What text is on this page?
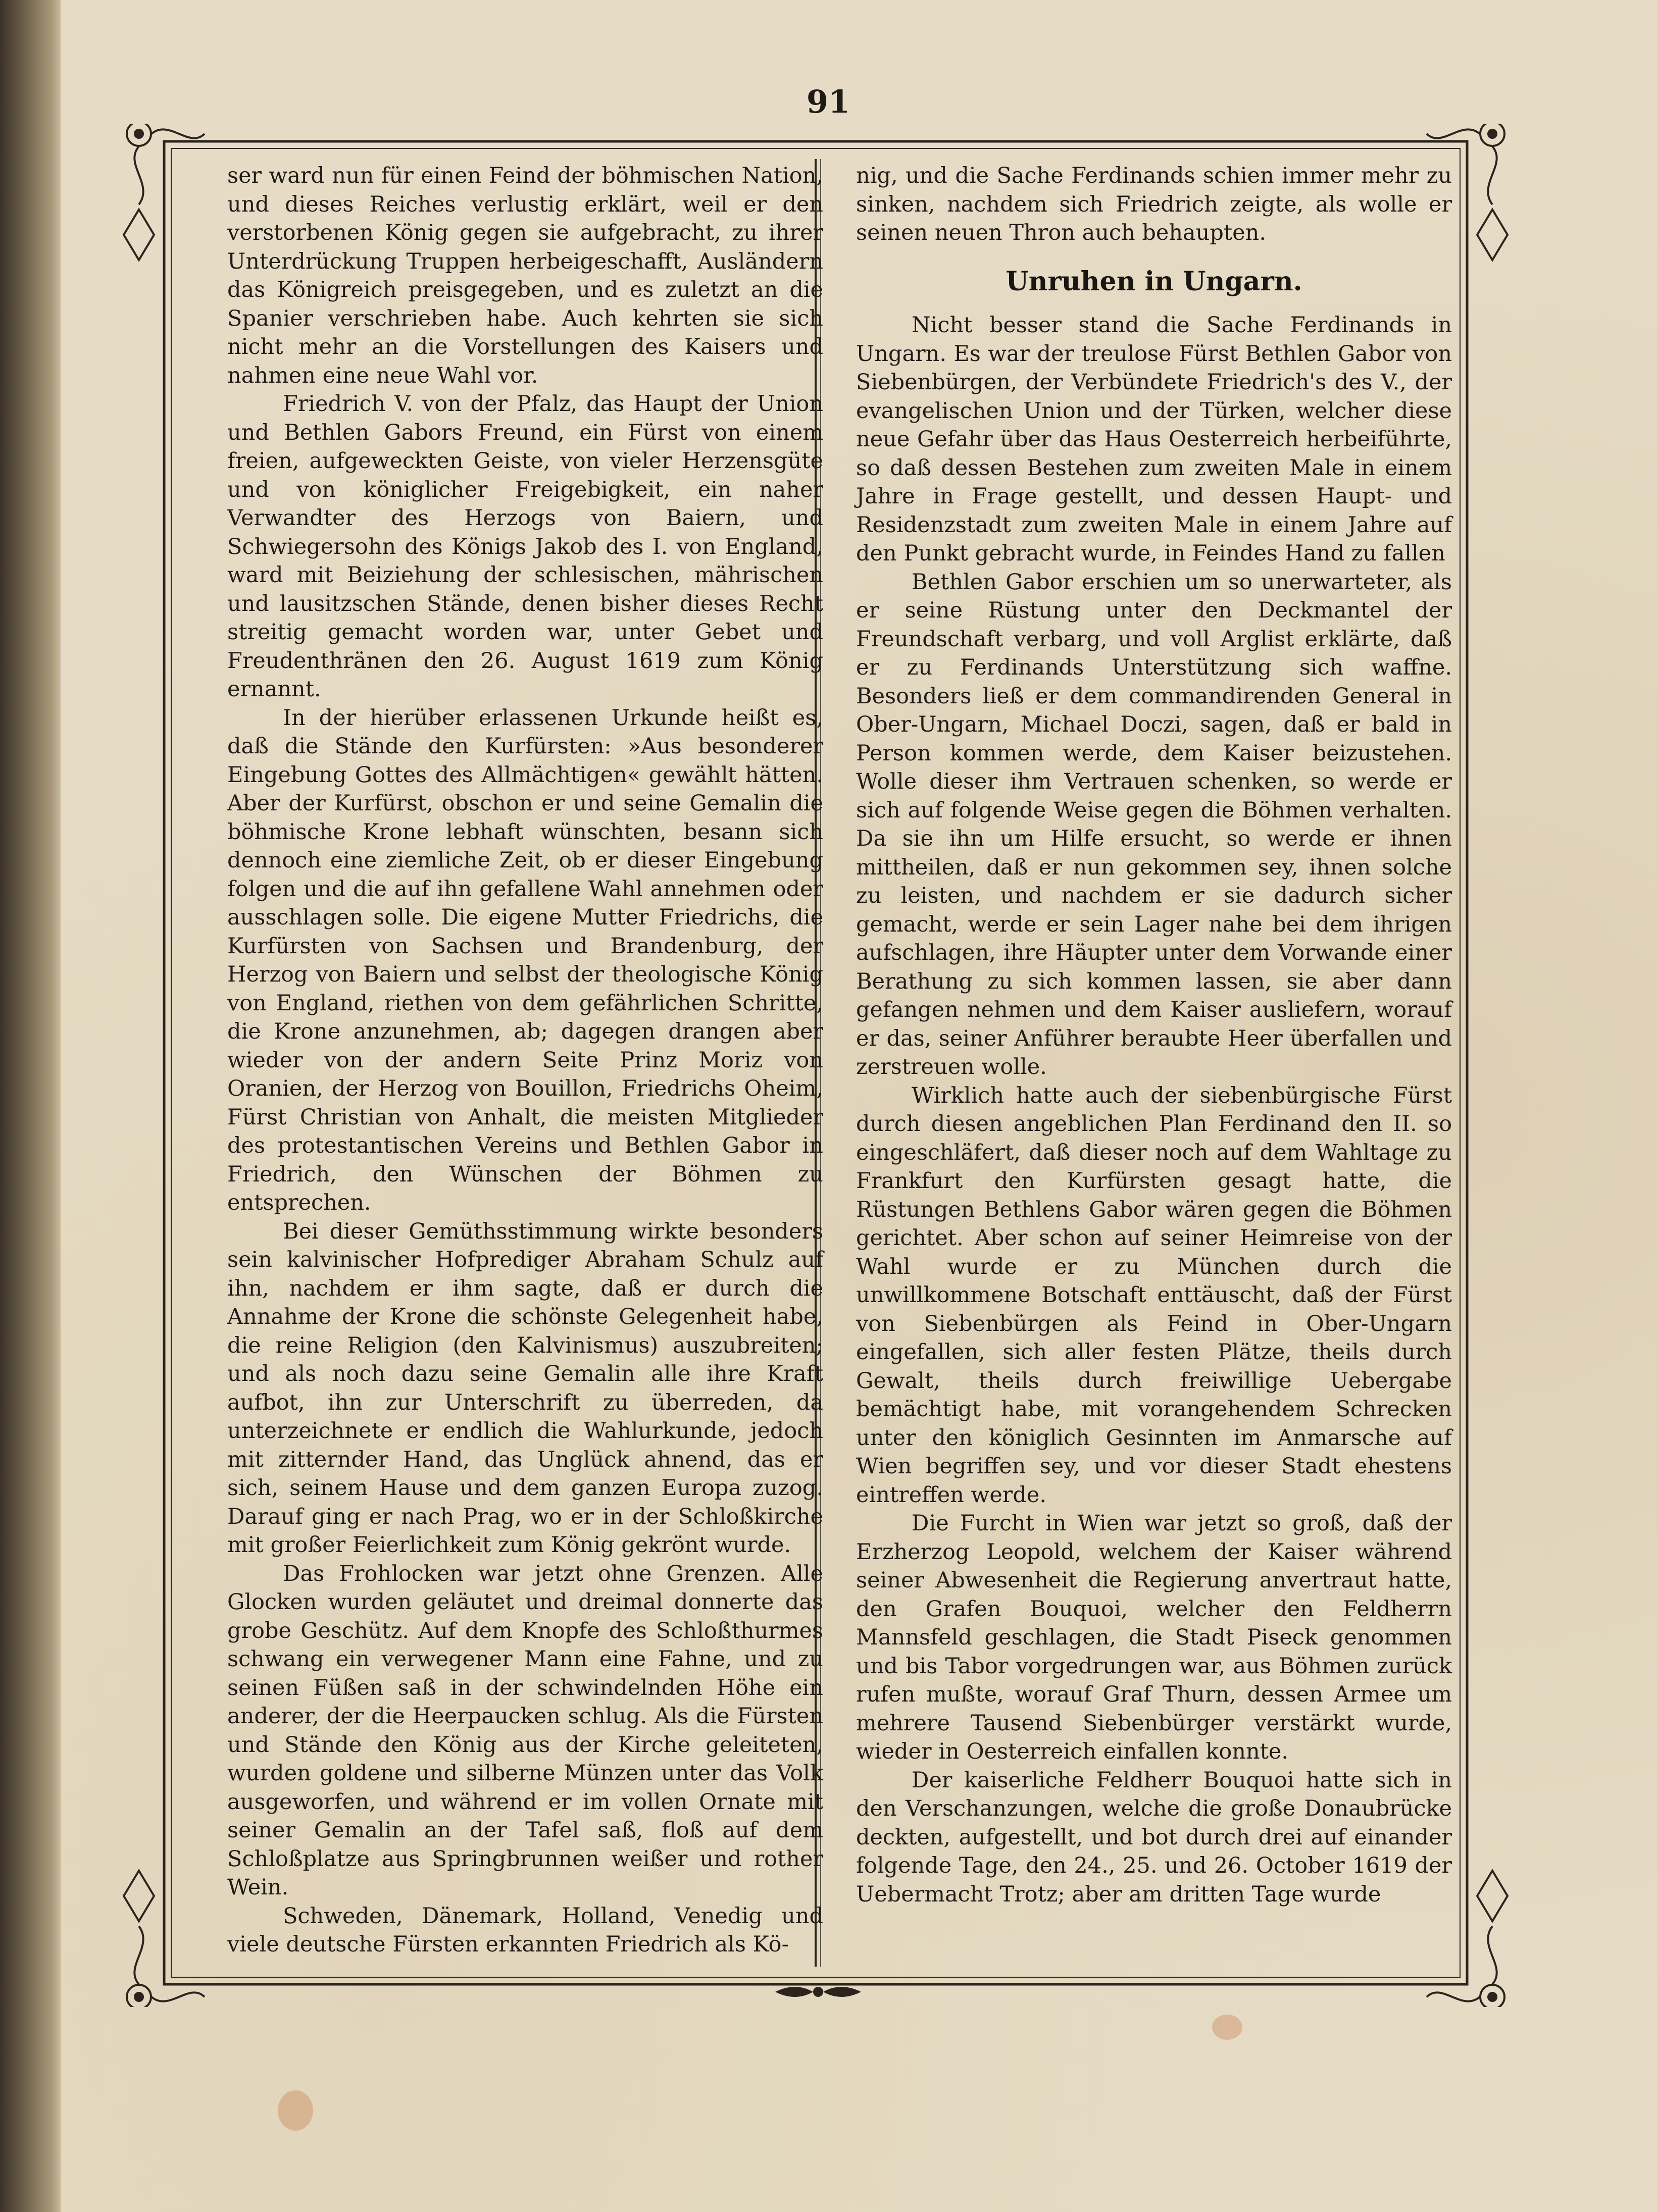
91

ser ward nun für einen Feind der böhmischen Nation, und dieses Reiches verlustig erklärt, weil er den verstorbenen König gegen sie aufgebracht, zu ihrer Unterdrückung Truppen herbeigeschafft, Ausländern das Königreich preisgegeben, und es zuletzt an die Spanier verschrieben habe. Auch kehrten sie sich nicht mehr an die Vorstellungen des Kaisers und nahmen eine neue Wahl vor.

Friedrich V. von der Pfalz, das Haupt der Union und Bethlen Gabors Freund, ein Fürst von einem freien, aufgeweckten Geiste, von vieler Herzensgüte und von königlicher Freigebigkeit, ein naher Verwandter des Herzogs von Baiern, und Schwiegersohn des Königs Jakob des I. von England, ward mit Beiziehung der schlesischen, mährischen und lausitzschen Stände, denen bisher dieses Recht streitig gemacht worden war, unter Gebet und Freudenthränen den 26. August 1619 zum König ernannt.

In der hierüber erlassenen Urkunde heißt es, daß die Stände den Kurfürsten: »Aus besonderer Eingebung Gottes des Allmächtigen« gewählt hätten. Aber der Kurfürst, obschon er und seine Gemalin die böhmische Krone lebhaft wünschten, besann sich dennoch eine ziemliche Zeit, ob er dieser Eingebung folgen und die auf ihn gefallene Wahl annehmen oder ausschlagen solle. Die eigene Mutter Friedrichs, die Kurfürsten von Sachsen und Brandenburg, der Herzog von Baiern und selbst der theologische König von England, riethen von dem gefährlichen Schritte, die Krone anzunehmen, ab; dagegen drangen aber wieder von der andern Seite Prinz Moriz von Oranien, der Herzog von Bouillon, Friedrichs Oheim, Fürst Christian von Anhalt, die meisten Mitglieder des protestantischen Vereins und Bethlen Gabor in Friedrich, den Wünschen der Böhmen zu entsprechen.

Bei dieser Gemüthsstimmung wirkte besonders sein kalvinischer Hofprediger Abraham Schulz auf ihn, nachdem er ihm sagte, daß er durch die Annahme der Krone die schönste Gelegenheit habe, die reine Religion (den Kalvinismus) auszubreiten; und als noch dazu seine Gemalin alle ihre Kraft aufbot, ihn zur Unterschrift zu überreden, da unterzeichnete er endlich die Wahlurkunde, jedoch mit zitternder Hand, das Unglück ahnend, das er sich, seinem Hause und dem ganzen Europa zuzog. Darauf ging er nach Prag, wo er in der Schloßkirche mit großer Feierlichkeit zum König gekrönt wurde.

Das Frohlocken war jetzt ohne Grenzen. Alle Glocken wurden geläutet und dreimal donnerte das grobe Geschütz. Auf dem Knopfe des Schloßthurmes schwang ein verwegener Mann eine Fahne, und zu seinen Füßen saß in der schwindelnden Höhe ein anderer, der die Heerpaucken schlug. Als die Fürsten und Stände den König aus der Kirche geleiteten, wurden goldene und silberne Münzen unter das Volk ausgeworfen, und während er im vollen Ornate mit seiner Gemalin an der Tafel saß, floß auf dem Schloßplatze aus Springbrunnen weißer und rother Wein.

Schweden, Dänemark, Holland, Venedig und viele deutsche Fürsten erkannten Friedrich als Kö-

nig, und die Sache Ferdinands schien immer mehr zu sinken, nachdem sich Friedrich zeigte, als wolle er seinen neuen Thron auch behaupten.

Unruhen in Ungarn.

Nicht besser stand die Sache Ferdinands in Ungarn. Es war der treulose Fürst Bethlen Gabor von Siebenbürgen, der Verbündete Friedrich's des V., der evangelischen Union und der Türken, welcher diese neue Gefahr über das Haus Oesterreich herbeiführte, so daß dessen Bestehen zum zweiten Male in einem Jahre in Frage gestellt, und dessen Haupt- und Residenzstadt zum zweiten Male in einem Jahre auf den Punkt gebracht wurde, in Feindes Hand zu fallen

Bethlen Gabor erschien um so unerwarteter, als er seine Rüstung unter den Deckmantel der Freundschaft verbarg, und voll Arglist erklärte, daß er zu Ferdinands Unterstützung sich waffne. Besonders ließ er dem commandirenden General in Ober-Ungarn, Michael Doczi, sagen, daß er bald in Person kommen werde, dem Kaiser beizustehen. Wolle dieser ihm Vertrauen schenken, so werde er sich auf folgende Weise gegen die Böhmen verhalten. Da sie ihn um Hilfe ersucht, so werde er ihnen mittheilen, daß er nun gekommen sey, ihnen solche zu leisten, und nachdem er sie dadurch sicher gemacht, werde er sein Lager nahe bei dem ihrigen aufschlagen, ihre Häupter unter dem Vorwande einer Berathung zu sich kommen lassen, sie aber dann gefangen nehmen und dem Kaiser ausliefern, worauf er das, seiner Anführer beraubte Heer überfallen und zerstreuen wolle.

Wirklich hatte auch der siebenbürgische Fürst durch diesen angeblichen Plan Ferdinand den II. so eingeschläfert, daß dieser noch auf dem Wahltage zu Frankfurt den Kurfürsten gesagt hatte, die Rüstungen Bethlens Gabor wären gegen die Böhmen gerichtet. Aber schon auf seiner Heimreise von der Wahl wurde er zu München durch die unwillkommene Botschaft enttäuscht, daß der Fürst von Siebenbürgen als Feind in Ober-Ungarn eingefallen, sich aller festen Plätze, theils durch Gewalt, theils durch freiwillige Uebergabe bemächtigt habe, mit vorangehendem Schrecken unter den königlich Gesinnten im Anmarsche auf Wien begriffen sey, und vor dieser Stadt ehestens eintreffen werde.

Die Furcht in Wien war jetzt so groß, daß der Erzherzog Leopold, welchem der Kaiser während seiner Abwesenheit die Regierung anvertraut hatte, den Grafen Bouquoi, welcher den Feldherrn Mannsfeld geschlagen, die Stadt Piseck genommen und bis Tabor vorgedrungen war, aus Böhmen zurück rufen mußte, worauf Graf Thurn, dessen Armee um mehrere Tausend Siebenbürger verstärkt wurde, wieder in Oesterreich einfallen konnte.

Der kaiserliche Feldherr Bouquoi hatte sich in den Verschanzungen, welche die große Donaubrücke deckten, aufgestellt, und bot durch drei auf einander folgende Tage, den 24., 25. und 26. October 1619 der Uebermacht Trotz; aber am dritten Tage wurde
